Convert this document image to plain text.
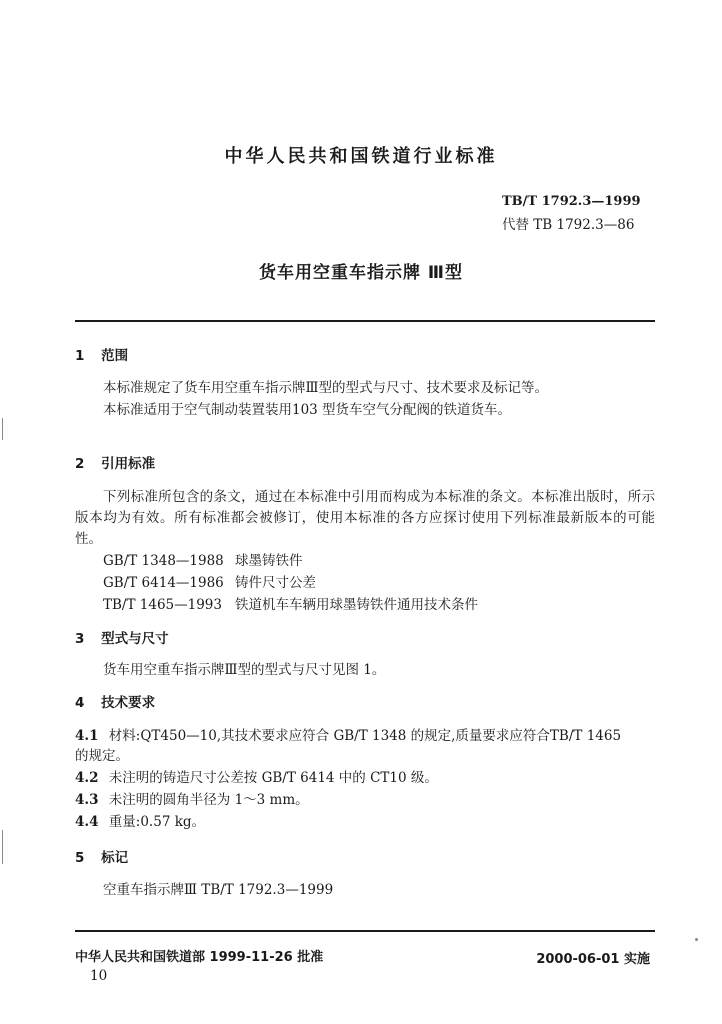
中华人民共和国铁道行业标准
TB/T 1792.3—1999
代替 TB 1792.3—86
货车用空重车指示牌 Ⅲ型
1 范围
本标准规定了货车用空重车指示牌Ⅲ型的型式与尺寸、技术要求及标记等。
本标准适用于空气制动装置装用103 型货车空气分配阀的铁道货车。
2 引用标准
下列标准所包含的条文，通过在本标准中引用而构成为本标准的条文。本标准出版时，所示版本均为有效。所有标准都会被修订，使用本标准的各方应探讨使用下列标准最新版本的可能性。
GB/T 1348—1988 球墨铸铁件
GB/T 6414—1986 铸件尺寸公差
TB/T 1465—1993 铁道机车车辆用球墨铸铁件通用技术条件
3 型式与尺寸
货车用空重车指示牌Ⅲ型的型式与尺寸见图 1。
4 技术要求
4.1 材料:QT450—10,其技术要求应符合 GB/T 1348 的规定,质量要求应符合TB/T 1465
的规定。
4.2 未注明的铸造尺寸公差按 GB/T 6414 中的 CT10 级。
4.3 未注明的圆角半径为 1～3 mm。
4.4 重量:0.57 kg。
5 标记
空重车指示牌Ⅲ TB/T 1792.3—1999
中华人民共和国铁道部 1999-11-26 批准	2000-06-01 实施
10
